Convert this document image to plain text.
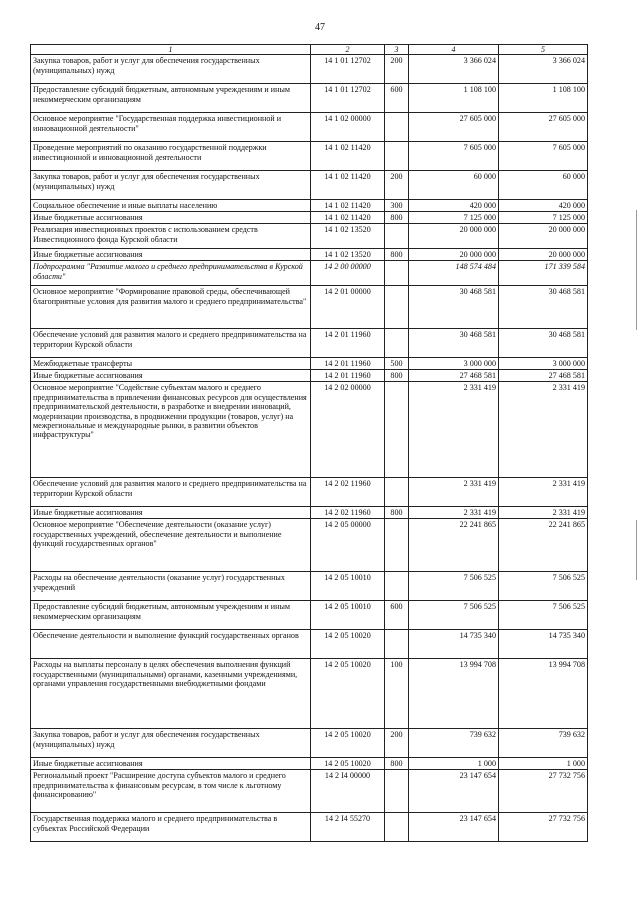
47
1	2	3	4	5
Закупка товаров, работ и услуг для обеспечения государственных (муниципальных) нужд	14 1 01 12702	200	3 366 024	3 366 024
Предоставление субсидий бюджетным, автономным учреждениям и иным некоммерческим организациям	14 1 01 12702	600	1 108 100	1 108 100
Основное мероприятие "Государственная поддержка инвестиционной и инновационной деятельности"	14 1 02 00000		27 605 000	27 605 000
Проведение мероприятий по оказанию государственной поддержки инвестиционной и инновационной деятельности	14 1 02 11420		7 605 000	7 605 000
Закупка товаров, работ и услуг для обеспечения государственных (муниципальных) нужд	14 1 02 11420	200	60 000	60 000
Социальное обеспечение и иные выплаты населению	14 1 02 11420	300	420 000	420 000
Иные бюджетные ассигнования	14 1 02 11420	800	7 125 000	7 125 000
Реализация инвестиционных проектов с использованием средств Инвестиционного фонда Курской области	14 1 02 13520		20 000 000	20 000 000
Иные бюджетные ассигнования	14 1 02 13520	800	20 000 000	20 000 000
Подпрограмма "Развитие малого и среднего предпринимательства в Курской области"	14 2 00 00000		148 574 484	171 339 584
Основное мероприятие "Формирование правовой среды, обеспечивающей благоприятные условия для развития малого и среднего предпринимательства"	14 2 01 00000		30 468 581	30 468 581
Обеспечение условий для развития малого и среднего предпринимательства на территории Курской области	14 2 01 11960		30 468 581	30 468 581
Межбюджетные трансферты	14 2 01 11960	500	3 000 000	3 000 000
Иные бюджетные ассигнования	14 2 01 11960	800	27 468 581	27 468 581
Основное мероприятие "Содействие субъектам малого и среднего предпринимательства в привлечении финансовых ресурсов для осуществления предпринимательской деятельности, в разработке и внедрении инноваций, модернизации производства, в продвижении продукции (товаров, услуг) на межрегиональные и международные рынки, в развитии объектов инфраструктуры"	14 2 02 00000		2 331 419	2 331 419
Обеспечение условий для развития малого и среднего предпринимательства на территории Курской области	14 2 02 11960		2 331 419	2 331 419
Иные бюджетные ассигнования	14 2 02 11960	800	2 331 419	2 331 419
Основное мероприятие "Обеспечение деятельности (оказание услуг) государственных учреждений, обеспечение деятельности и выполнение функций государственных органов"	14 2 05 00000		22 241 865	22 241 865
Расходы на обеспечение деятельности (оказание услуг) государственных учреждений	14 2 05 10010		7 506 525	7 506 525
Предоставление субсидий бюджетным, автономным учреждениям и иным некоммерческим организациям	14 2 05 10010	600	7 506 525	7 506 525
Обеспечение деятельности и выполнение функций государственных органов	14 2 05 10020		14 735 340	14 735 340
Расходы на выплаты персоналу в целях обеспечения выполнения функций государственными (муниципальными) органами, казенными учреждениями, органами управления государственными внебюджетными фондами	14 2 05 10020	100	13 994 708	13 994 708
Закупка товаров, работ и услуг для обеспечения государственных (муниципальных) нужд	14 2 05 10020	200	739 632	739 632
Иные бюджетные ассигнования	14 2 05 10020	800	1 000	1 000
Региональный проект "Расширение доступа субъектов малого и среднего предпринимательства к финансовым ресурсам, в том числе к льготному финансированию"	14 2 I4 00000		23 147 654	27 732 756
Государственная поддержка малого и среднего предпринимательства в субъектах Российской Федерации	14 2 I4 55270		23 147 654	27 732 756
